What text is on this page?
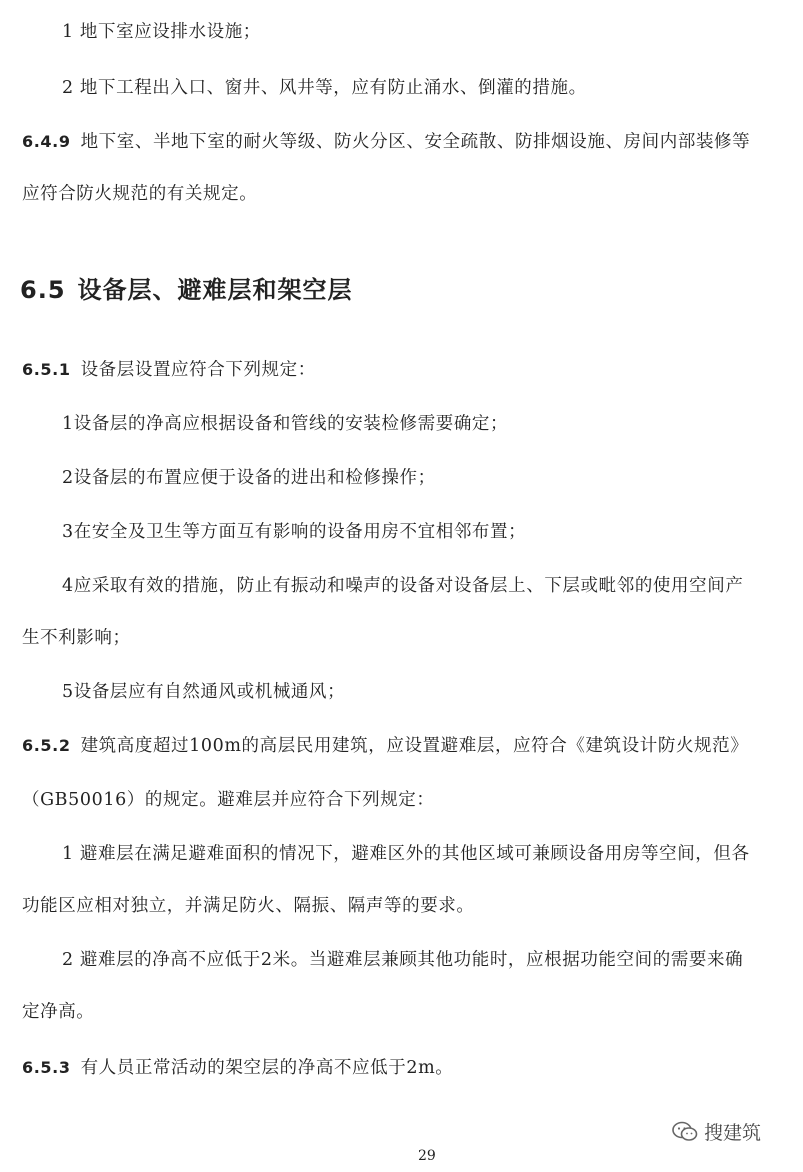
1 地下室应设排水设施；
2 地下工程出入口、窗井、风井等，应有防止涌水、倒灌的措施。
6.4.9 地下室、半地下室的耐火等级、防火分区、安全疏散、防排烟设施、房间内部装修等
应符合防火规范的有关规定。
6.5 设备层、避难层和架空层
6.5.1 设备层设置应符合下列规定：
1设备层的净高应根据设备和管线的安装检修需要确定；
2设备层的布置应便于设备的进出和检修操作；
3在安全及卫生等方面互有影响的设备用房不宜相邻布置；
4应采取有效的措施，防止有振动和噪声的设备对设备层上、下层或毗邻的使用空间产
生不利影响；
5设备层应有自然通风或机械通风；
6.5.2 建筑高度超过100m的高层民用建筑，应设置避难层，应符合《建筑设计防火规范》
（GB50016）的规定。避难层并应符合下列规定：
1 避难层在满足避难面积的情况下，避难区外的其他区域可兼顾设备用房等空间，但各
功能区应相对独立，并满足防火、隔振、隔声等的要求。
2 避难层的净高不应低于2米。当避难层兼顾其他功能时，应根据功能空间的需要来确
定净高。
6.5.3 有人员正常活动的架空层的净高不应低于2m。
29
搜建筑
